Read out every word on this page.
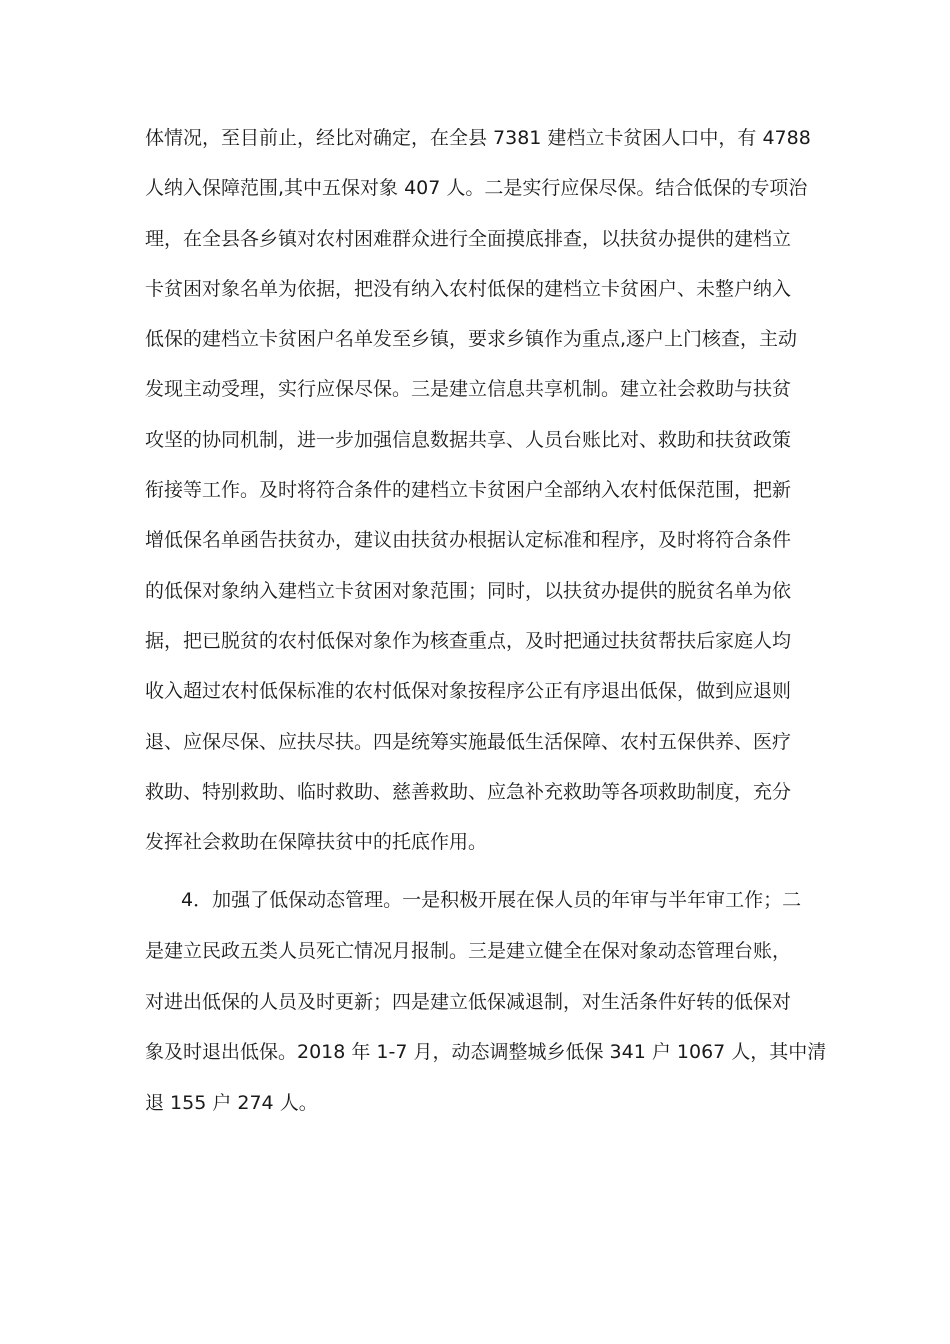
体情况，至目前止，经比对确定，在全县 7381 建档立卡贫困人口中，有 4788
人纳入保障范围,其中五保对象 407 人。二是实行应保尽保。结合低保的专项治
理，在全县各乡镇对农村困难群众进行全面摸底排查，以扶贫办提供的建档立
卡贫困对象名单为依据，把没有纳入农村低保的建档立卡贫困户、未整户纳入
低保的建档立卡贫困户名单发至乡镇，要求乡镇作为重点,逐户上门核查，主动
发现主动受理，实行应保尽保。三是建立信息共享机制。建立社会救助与扶贫
攻坚的协同机制，进一步加强信息数据共享、人员台账比对、救助和扶贫政策
衔接等工作。及时将符合条件的建档立卡贫困户全部纳入农村低保范围，把新
增低保名单函告扶贫办，建议由扶贫办根据认定标准和程序，及时将符合条件
的低保对象纳入建档立卡贫困对象范围；同时，以扶贫办提供的脱贫名单为依
据，把已脱贫的农村低保对象作为核查重点，及时把通过扶贫帮扶后家庭人均
收入超过农村低保标准的农村低保对象按程序公正有序退出低保，做到应退则
退、应保尽保、应扶尽扶。四是统筹实施最低生活保障、农村五保供养、医疗
救助、特别救助、临时救助、慈善救助、应急补充救助等各项救助制度，充分
发挥社会救助在保障扶贫中的托底作用。
4．加强了低保动态管理。一是积极开展在保人员的年审与半年审工作；二
是建立民政五类人员死亡情况月报制。三是建立健全在保对象动态管理台账，
对进出低保的人员及时更新；四是建立低保减退制，对生活条件好转的低保对
象及时退出低保。2018 年 1-7 月，动态调整城乡低保 341 户 1067 人，其中清
退 155 户 274 人。
